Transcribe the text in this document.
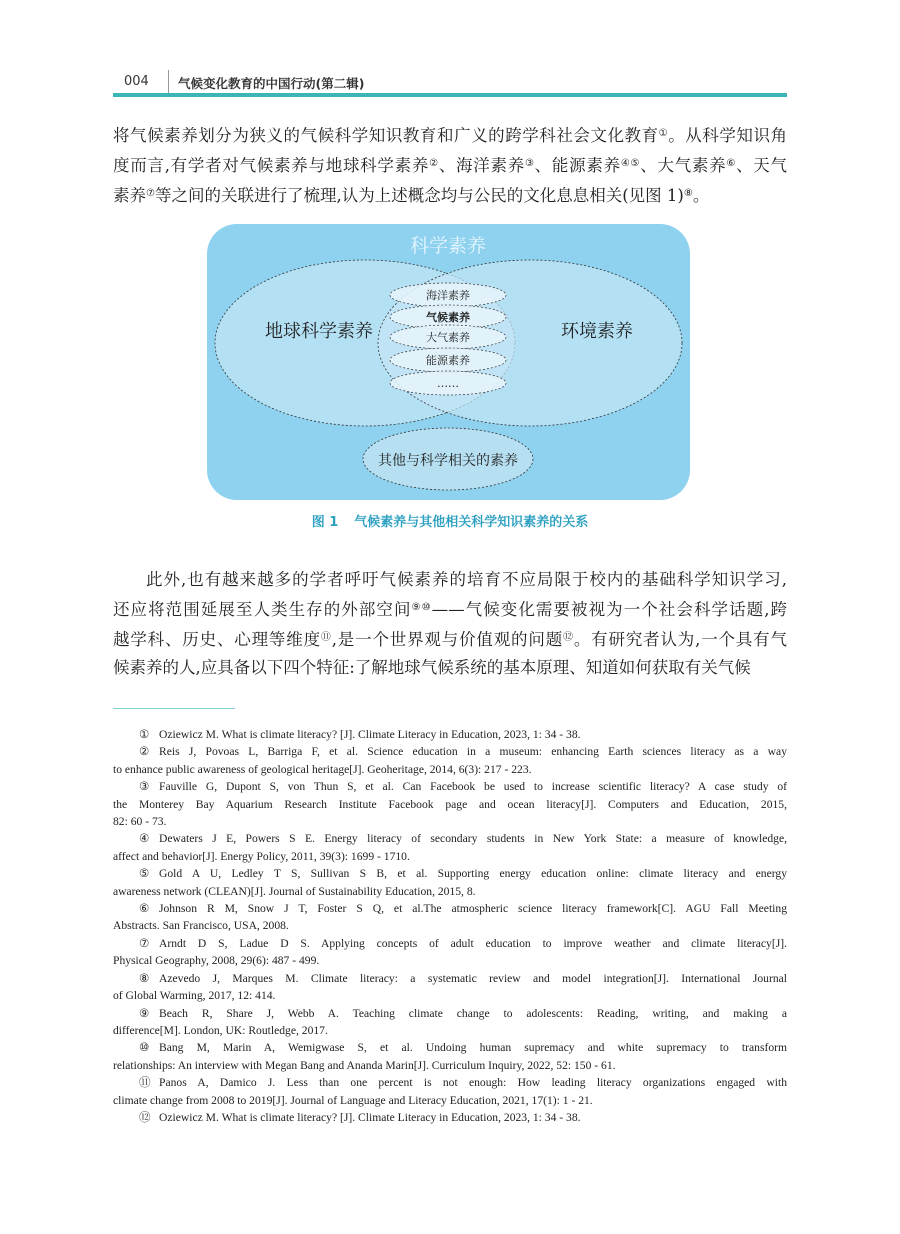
004 气候变化教育的中国行动(第二辑)
将气候素养划分为狭义的气候科学知识教育和广义的跨学科社会文化教育①。从科学知识角
度而言,有学者对气候素养与地球科学素养②、海洋素养③、能源素养④⑤、大气素养⑥、天气
素养⑦等之间的关联进行了梳理,认为上述概念均与公民的文化息息相关(见图 1)⑧。
科学素养
地球科学素养	环境素养
海洋素养
气候素养
大气素养
能源素养
……
其他与科学相关的素养
图 1 气候素养与其他相关科学知识素养的关系
此外,也有越来越多的学者呼吁气候素养的培育不应局限于校内的基础科学知识学习,
还应将范围延展至人类生存的外部空间⑨⑩——气候变化需要被视为一个社会科学话题,跨
越学科、历史、心理等维度⑪,是一个世界观与价值观的问题⑫。有研究者认为,一个具有气
候素养的人,应具备以下四个特征:了解地球气候系统的基本原理、知道如何获取有关气候
① Oziewicz M. What is climate literacy? [J]. Climate Literacy in Education, 2023, 1: 34 - 38.
② Reis J, Povoas L, Barriga F, et al. Science education in a museum: enhancing Earth sciences literacy as a way
to enhance public awareness of geological heritage[J]. Geoheritage, 2014, 6(3): 217 - 223.
③ Fauville G, Dupont S, von Thun S, et al. Can Facebook be used to increase scientific literacy? A case study of
the Monterey Bay Aquarium Research Institute Facebook page and ocean literacy[J]. Computers and Education, 2015,
82: 60 - 73.
④ Dewaters J E, Powers S E. Energy literacy of secondary students in New York State: a measure of knowledge,
affect and behavior[J]. Energy Policy, 2011, 39(3): 1699 - 1710.
⑤ Gold A U, Ledley T S, Sullivan S B, et al. Supporting energy education online: climate literacy and energy
awareness network (CLEAN)[J]. Journal of Sustainability Education, 2015, 8.
⑥ Johnson R M, Snow J T, Foster S Q, et al.The atmospheric science literacy framework[C]. AGU Fall Meeting
Abstracts. San Francisco, USA, 2008.
⑦ Arndt D S, Ladue D S. Applying concepts of adult education to improve weather and climate literacy[J].
Physical Geography, 2008, 29(6): 487 - 499.
⑧ Azevedo J, Marques M. Climate literacy: a systematic review and model integration[J]. International Journal
of Global Warming, 2017, 12: 414.
⑨ Beach R, Share J, Webb A. Teaching climate change to adolescents: Reading, writing, and making a
difference[M]. London, UK: Routledge, 2017.
⑩ Bang M, Marin A, Wemigwase S, et al. Undoing human supremacy and white supremacy to transform
relationships: An interview with Megan Bang and Ananda Marin[J]. Curriculum Inquiry, 2022, 52: 150 - 61.
⑪ Panos A, Damico J. Less than one percent is not enough: How leading literacy organizations engaged with
climate change from 2008 to 2019[J]. Journal of Language and Literacy Education, 2021, 17(1): 1 - 21.
⑫ Oziewicz M. What is climate literacy? [J]. Climate Literacy in Education, 2023, 1: 34 - 38.
